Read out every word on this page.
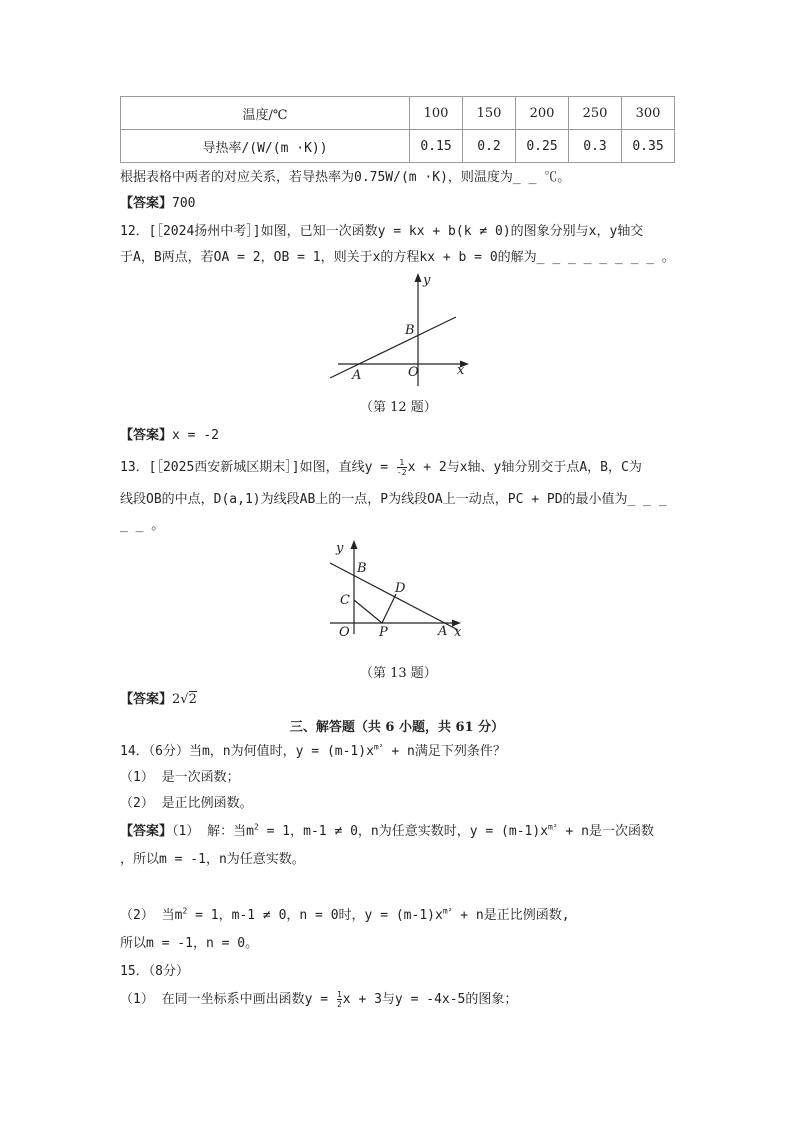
温度/℃	100	150	200	250	300
导热率/(W/(m ·K))	0.15	0.2	0.25	0.3	0.35
根据表格中两者的对应关系，若导热率为0.75W/(m ·K)，则温度为_ _ ℃。
【答案】700
12．[［2024扬州中考］]如图，已知一次函数y = kx + b(k ≠ 0)的图象分别与x，y轴交
于A，B两点，若OA = 2，OB = 1，则关于x的方程kx + b = 0的解为_ _ _ _ _ _ _ _ 。
y
B
A	O	x
（第 12 题）
【答案】x = -2
13．[［2025西安新城区期末］]如图，直线$y = \frac{1}{-2}$ x + 2与x轴、y轴分别交于点A，B，C为
线段OB的中点，D(a,1)为线段AB上的一点，P为线段OA上一动点，PC + PD的最小值为_ _ _
_ _ 。
y
B
D
C
O P	A x
（第 13 题）
【答案】2√2
三、解答题（共 6 小题，共 61 分）
14．（6分）当m，n为何值时，$y = (m-1)x^{m^2} + n$满足下列条件？
（1） 是一次函数；
（2） 是正比例函数。
【答案】（1） 解：当$m^2 = 1$，m-1 ≠ 0，n为任意实数时，$y = (m-1)x^{m^2} + n$是一次函数
，所以m = -1，n为任意实数。
（2） 当$m^2 = 1$，m-1 ≠ 0，n = 0时，$y = (m-1)x^{m^2} + n$是正比例函数,
所以m = -1，n = 0。
15．（8分）
（1） 在同一坐标系中画出函数$y = \frac{1}{2}$ x + 3与y = -4x-5的图象；
